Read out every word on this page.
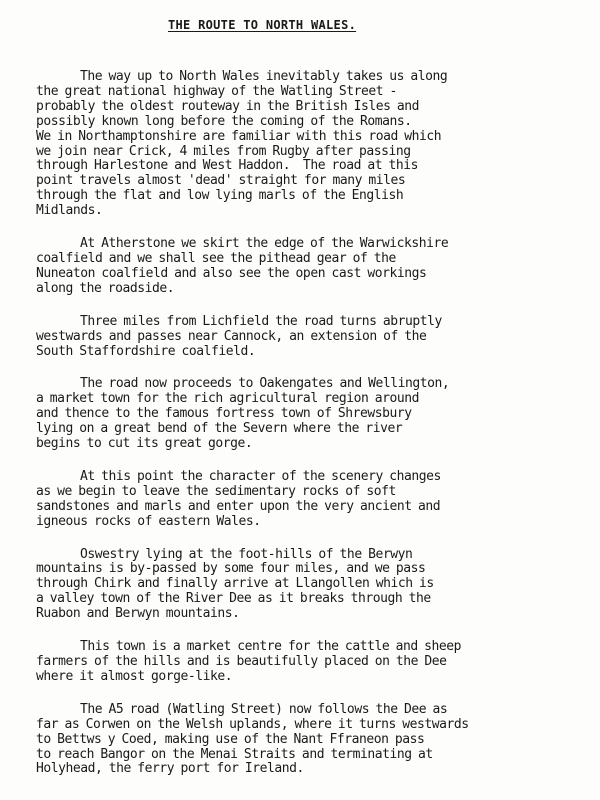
THE ROUTE TO NORTH WALES.

The way up to North Wales inevitably takes us along
the great national highway of the Watling Street -
probably the oldest routeway in the British Isles and
possibly known long before the coming of the Romans.
We in Northamptonshire are familiar with this road which
we join near Crick, 4 miles from Rugby after passing
through Harlestone and West Haddon.  The road at this
point travels almost 'dead' straight for many miles
through the flat and low lying marls of the English
Midlands.

At Atherstone we skirt the edge of the Warwickshire
coalfield and we shall see the pithead gear of the
Nuneaton coalfield and also see the open cast workings
along the roadside.

Three miles from Lichfield the road turns abruptly
westwards and passes near Cannock, an extension of the
South Staffordshire coalfield.

The road now proceeds to Oakengates and Wellington,
a market town for the rich agricultural region around
and thence to the famous fortress town of Shrewsbury
lying on a great bend of the Severn where the river
begins to cut its great gorge.

At this point the character of the scenery changes
as we begin to leave the sedimentary rocks of soft
sandstones and marls and enter upon the very ancient and
igneous rocks of eastern Wales.

Oswestry lying at the foot-hills of the Berwyn
mountains is by-passed by some four miles, and we pass
through Chirk and finally arrive at Llangollen which is
a valley town of the River Dee as it breaks through the
Ruabon and Berwyn mountains.

This town is a market centre for the cattle and sheep
farmers of the hills and is beautifully placed on the Dee
where it almost gorge-like.

The A5 road (Watling Street) now follows the Dee as
far as Corwen on the Welsh uplands, where it turns westwards
to Bettws y Coed, making use of the Nant Ffraneon pass
to reach Bangor on the Menai Straits and terminating at
Holyhead, the ferry port for Ireland.
